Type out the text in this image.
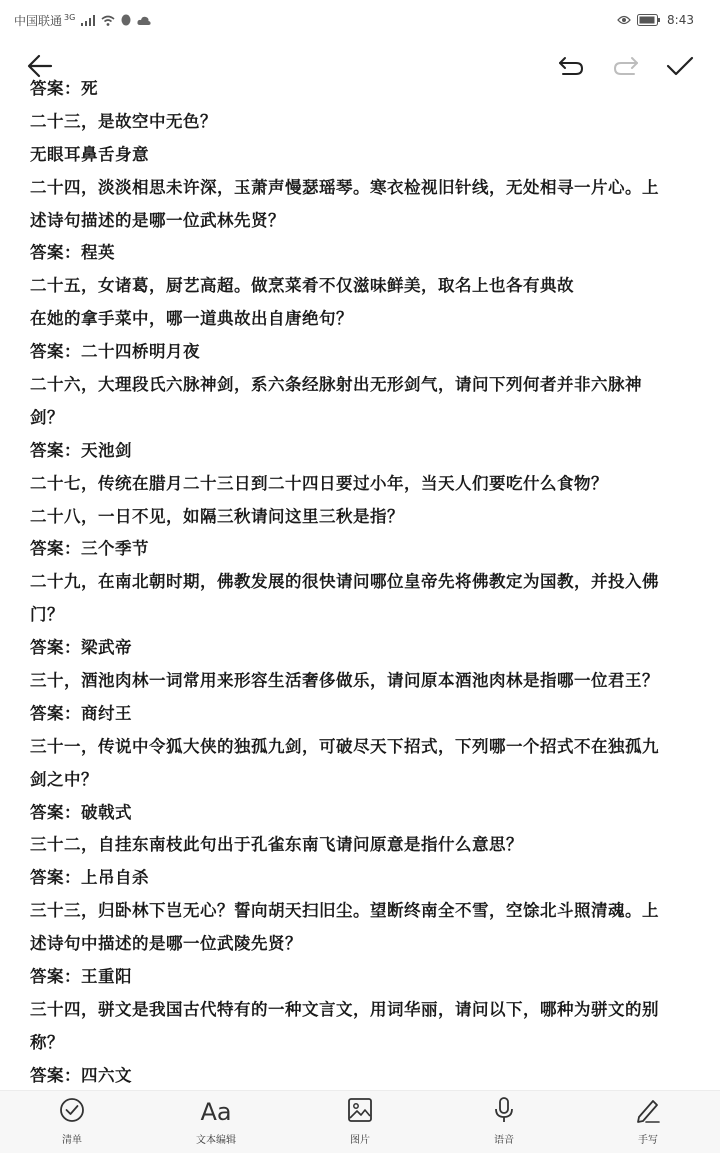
中国联通 3G	8:43
答案：死
二十三，是故空中无色？
无眼耳鼻舌身意
二十四，淡淡相思未许深，玉萧声慢瑟瑶琴。寒衣检视旧针线，无处相寻一片心。上
述诗句描述的是哪一位武林先贤？
答案：程英
二十五，女诸葛，厨艺高超。做烹菜肴不仅滋味鲜美，取名上也各有典故
在她的拿手菜中，哪一道典故出自唐绝句？
答案：二十四桥明月夜
二十六，大理段氏六脉神剑，系六条经脉射出无形剑气，请问下列何者并非六脉神
剑？
答案：天池剑
二十七，传统在腊月二十三日到二十四日要过小年，当天人们要吃什么食物？
二十八，一日不见，如隔三秋请问这里三秋是指？
答案：三个季节
二十九，在南北朝时期，佛教发展的很快请问哪位皇帝先将佛教定为国教，并投入佛
门？
答案：梁武帝
三十，酒池肉林一词常用来形容生活奢侈做乐，请问原本酒池肉林是指哪一位君王？
答案：商纣王
三十一，传说中令狐大侠的独孤九剑，可破尽天下招式，下列哪一个招式不在独孤九
剑之中？
答案：破戟式
三十二，自挂东南枝此句出于孔雀东南飞请问原意是指什么意思？
答案：上吊自杀
三十三，归卧林下岂无心？誓向胡天扫旧尘。望断终南全不雪，空馀北斗照清魂。上
述诗句中描述的是哪一位武陵先贤？
答案：王重阳
三十四，骈文是我国古代特有的一种文言文，用词华丽，请问以下，哪种为骈文的别
称？
答案：四六文
清单
Aa
文本编辑	图片	语音	手写
